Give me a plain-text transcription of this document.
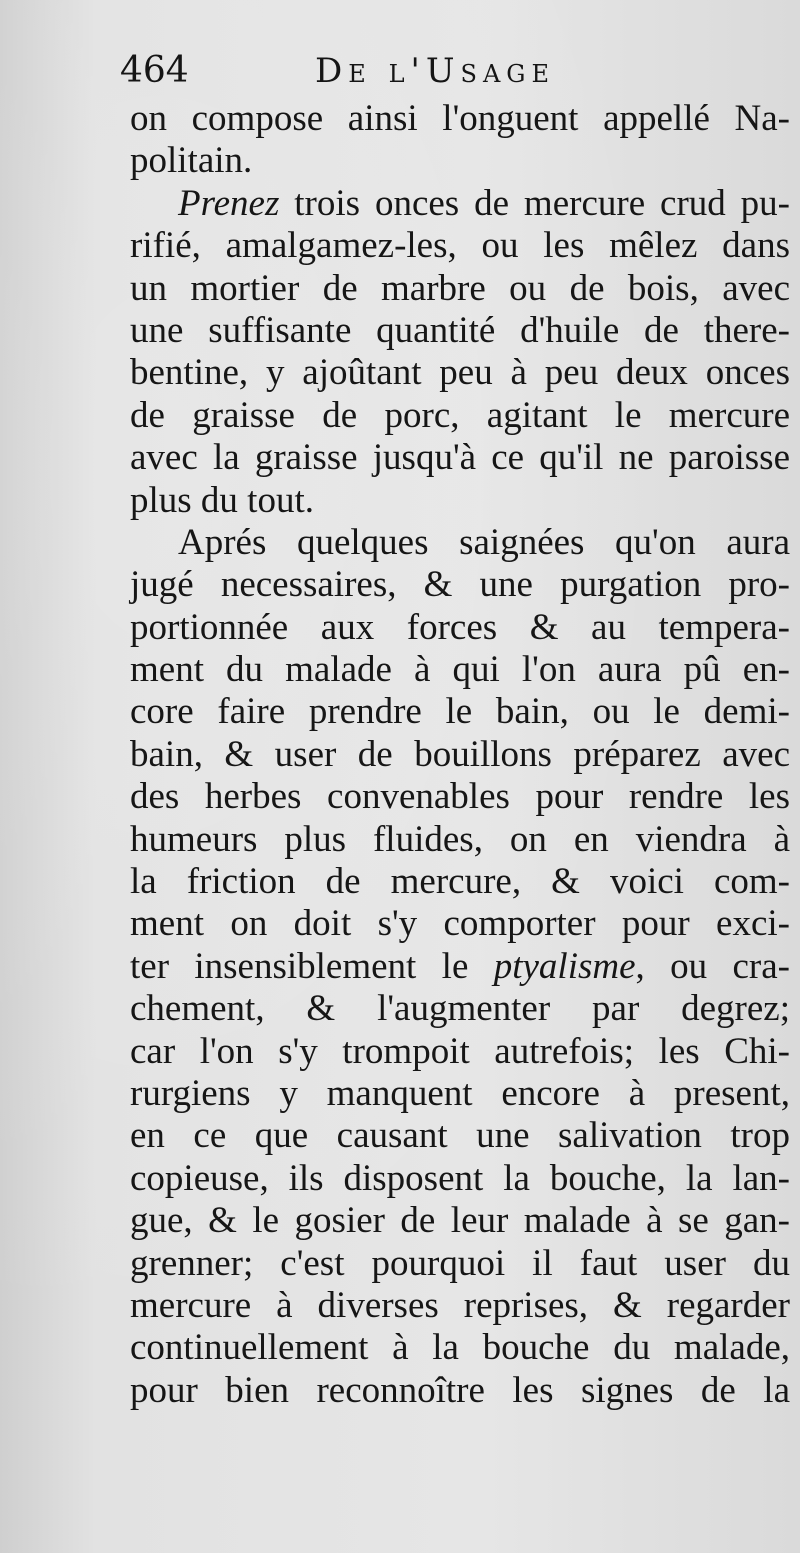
464	De l'Usage
on compose ainsi l'onguent appellé Na-
politain.
Prenez trois onces de mercure crud pu-
rifié, amalgamez-les, ou les mêlez dans
un mortier de marbre ou de bois, avec
une suffisante quantité d'huile de there-
bentine, y ajoûtant peu à peu deux onces
de graisse de porc, agitant le mercure
avec la graisse jusqu'à ce qu'il ne paroisse
plus du tout.
Aprés quelques saignées qu'on aura
jugé necessaires, & une purgation pro-
portionnée aux forces & au tempera-
ment du malade à qui l'on aura pû en-
core faire prendre le bain, ou le demi-
bain, & user de bouillons préparez avec
des herbes convenables pour rendre les
humeurs plus fluides, on en viendra à
la friction de mercure, & voici com-
ment on doit s'y comporter pour exci-
ter insensiblement le ptyalisme, ou cra-
chement, & l'augmenter par degrez;
car l'on s'y trompoit autrefois; les Chi-
rurgiens y manquent encore à present,
en ce que causant une salivation trop
copieuse, ils disposent la bouche, la lan-
gue, & le gosier de leur malade à se gan-
grenner; c'est pourquoi il faut user du
mercure à diverses reprises, & regarder
continuellement à la bouche du malade,
pour bien reconnoître les signes de la
